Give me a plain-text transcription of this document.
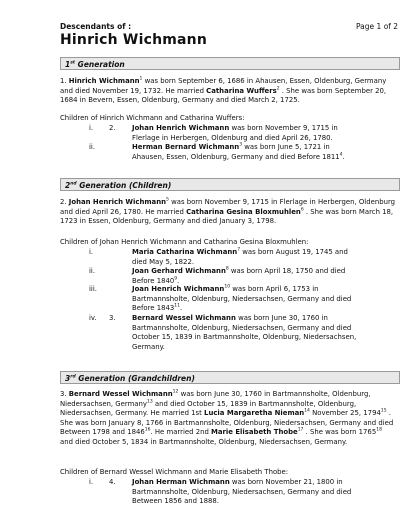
Descendants of :	Page 1 of 2
Hinrich Wichmann
1st Generation
1. Hinrich Wichmann$^1$ was born September 6, 1686 in Ahausen, Essen, Oldenburg, Germany and died November 19, 1732. He married Catharina Wuffers$^2$ . She was born September 20, 1684 in Bevern, Essen, Oldenburg, Germany and died March 2, 1725.
Children of Hinrich Wichmann and Catharina Wuffers:
i. 2. Johan Henrich Wichmann was born November 9, 1715 in Flerlage in Herbergen, Oldenburg and died April 26, 1780.
ii.	Herman Bernard Wichmann$^3$ was born June 5, 1721 in Ahausen, Essen, Oldenburg, Germany and died Before 1811$^4$.
2nd Generation (Children)
2. Johan Henrich Wichmann$^5$ was born November 9, 1715 in Flerlage in Herbergen, Oldenburg and died April 26, 1780. He married Catharina Gesina Bloxmuhlen$^6$ . She was born March 18, 1723 in Essen, Oldenburg, Germany and died January 3, 1798.
Children of Johan Henrich Wichmann and Catharina Gesina Bloxmuhlen:
i.	Maria Catharina Wichmann$^7$ was born August 19, 1745 and died May 5, 1822.
ii.	Joan Gerhard Wichmann$^8$ was born April 18, 1750 and died Before 1840$^9$.
iii.	Joan Henrich Wichmann$^{10}$ was born April 6, 1753 in Bartmannsholte, Oldenburg, Niedersachsen, Germany and died Before 1843$^{11}$.
iv. 3. Bernard Wessel Wichmann was born June 30, 1760 in Bartmannsholte, Oldenburg, Niedersachsen, Germany and died October 15, 1839 in Bartmannsholte, Oldenburg, Niedersachsen, Germany.
3rd Generation (Grandchildren)
3. Bernard Wessel Wichmann$^{12}$ was born June 30, 1760 in Bartmannsholte, Oldenburg, Niedersachsen, Germany$^{13}$ and died October 15, 1839 in Bartmannsholte, Oldenburg, Niedersachsen, Germany. He married 1st Lucia Margaretha Nieman$^{14}$ November 25, 1794$^{15}$ . She was born January 8, 1766 in Bartmannsholte, Oldenburg, Niedersachsen, Germany and died Between 1798 and 1846$^{16}$. He married 2nd Marie Elisabeth Thobe$^{17}$ . She was born 1765$^{18}$ and died October 5, 1834 in Bartmannsholte, Oldenburg, Niedersachsen, Germany.
Children of Bernard Wessel Wichmann and Marie Elisabeth Thobe:
i. 4. Johan Herman Wichmann was born November 21, 1800 in Bartmannsholte, Oldenburg, Niedersachsen, Germany and died Between 1856 and 1888.
